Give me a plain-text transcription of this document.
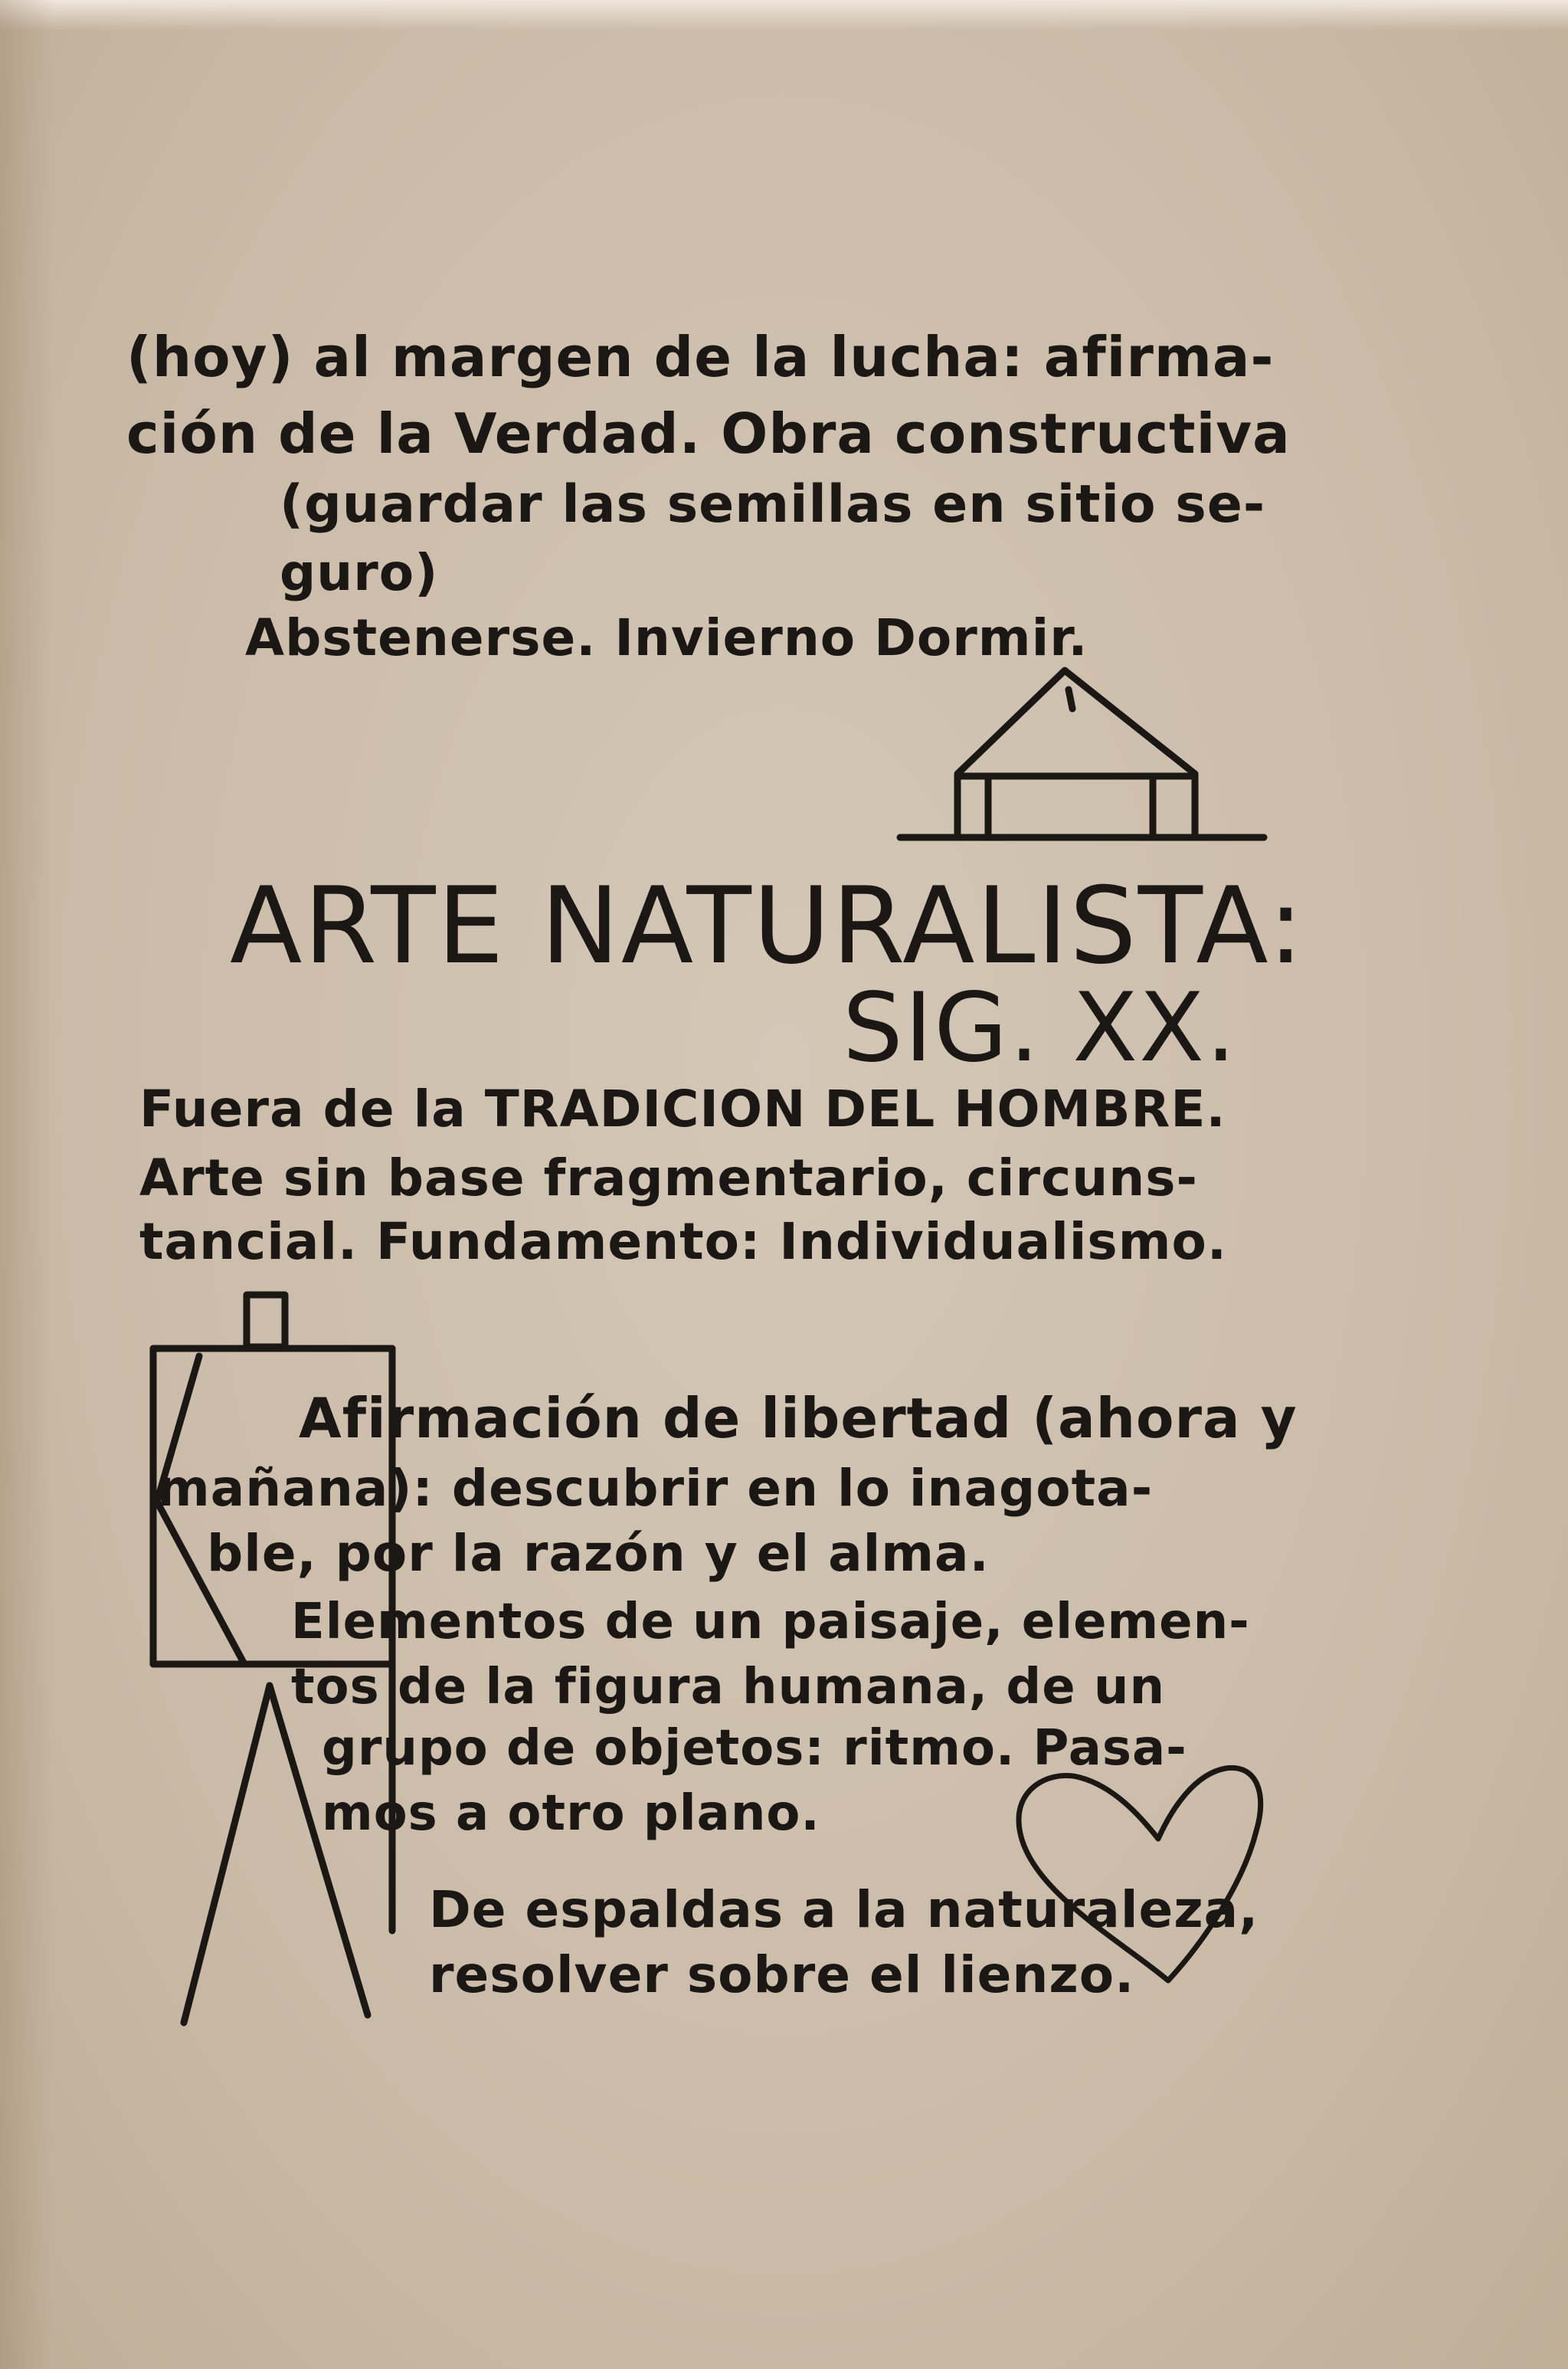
(hoy) al margen de la lucha: afirma-

ción de la Verdad. Obra constructiva

(guardar las semillas en sitio se-

guro)

Abstenerse. Invierno Dormir.

ARTE NATURALISTA:

SIG. XX.

Fuera de la TRADICION DEL HOMBRE.

Arte sin base fragmentario, circuns-

tancial. Fundamento: Individualismo.

Afirmación de libertad (ahora y

mañana): descubrir en lo inagota-

ble, por la razón y el alma.

Elementos de un paisaje, elemen-

tos de la figura humana, de un

grupo de objetos: ritmo. Pasa-

mos a otro plano.

De espaldas a la naturaleza,

resolver sobre el lienzo.
